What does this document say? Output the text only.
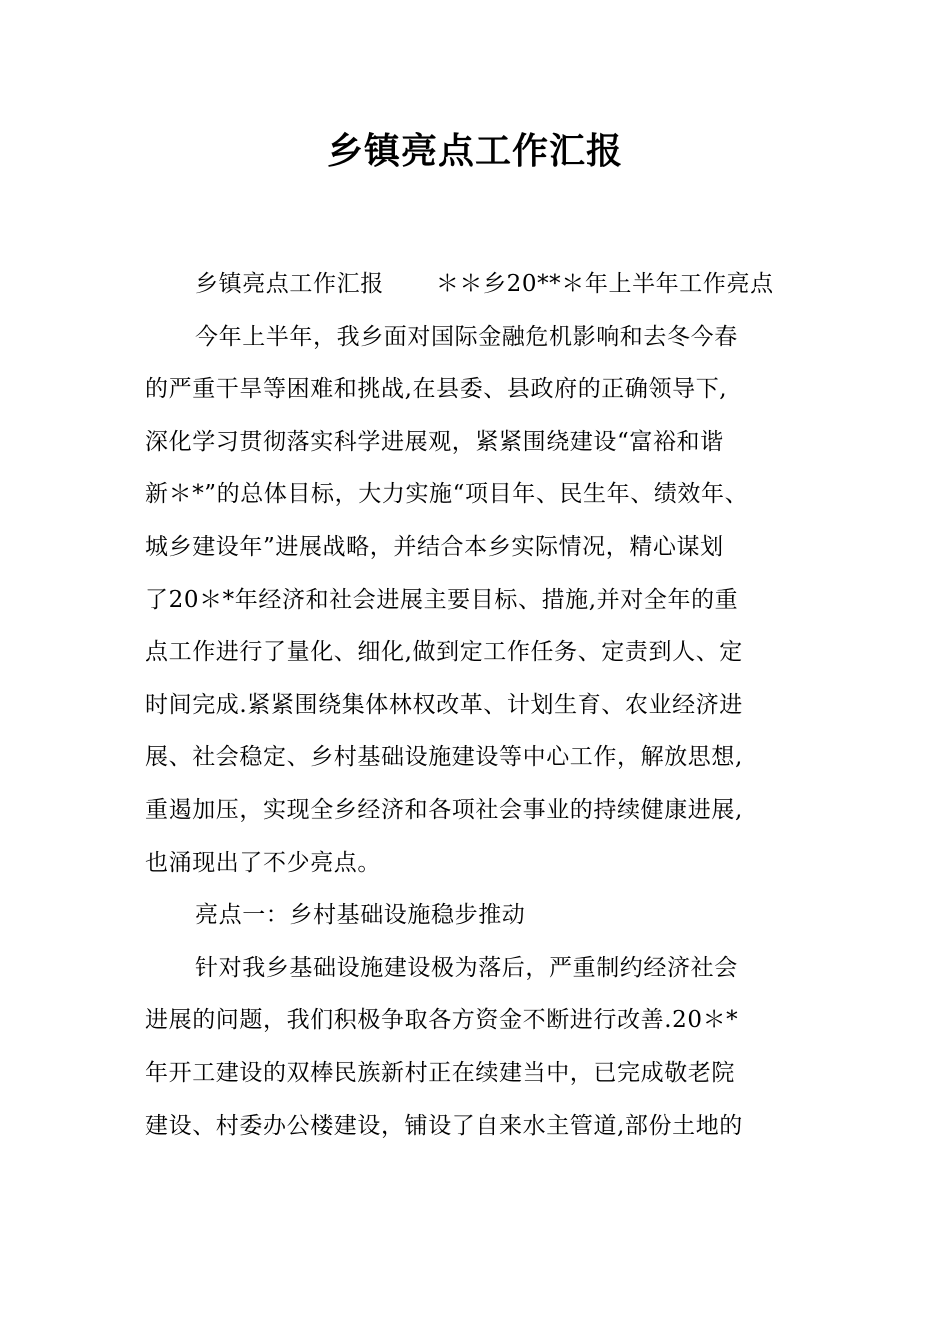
乡镇亮点工作汇报
乡镇亮点工作汇报 ＊＊乡20**＊年上半年工作亮点
今年上半年，我乡面对国际金融危机影响和去冬今春
的严重干旱等困难和挑战,在县委、县政府的正确领导下,
深化学习贯彻落实科学进展观，紧紧围绕建设“富裕和谐
新＊*”的总体目标，大力实施“项目年、民生年、绩效年、
城乡建设年”进展战略，并结合本乡实际情况，精心谋划
了20＊*年经济和社会进展主要目标、措施,并对全年的重
点工作进行了量化、细化,做到定工作任务、定责到人、定
时间完成.紧紧围绕集体林权改革、计划生育、农业经济进
展、社会稳定、乡村基础设施建设等中心工作，解放思想,
重遏加压，实现全乡经济和各项社会事业的持续健康进展,
也涌现出了不少亮点。
亮点一：乡村基础设施稳步推动
针对我乡基础设施建设极为落后，严重制约经济社会
进展的问题，我们积极争取各方资金不断进行改善.20＊*
年开工建设的双棒民族新村正在续建当中，已完成敬老院
建设、村委办公楼建设，铺设了自来水主管道,部份土地的
